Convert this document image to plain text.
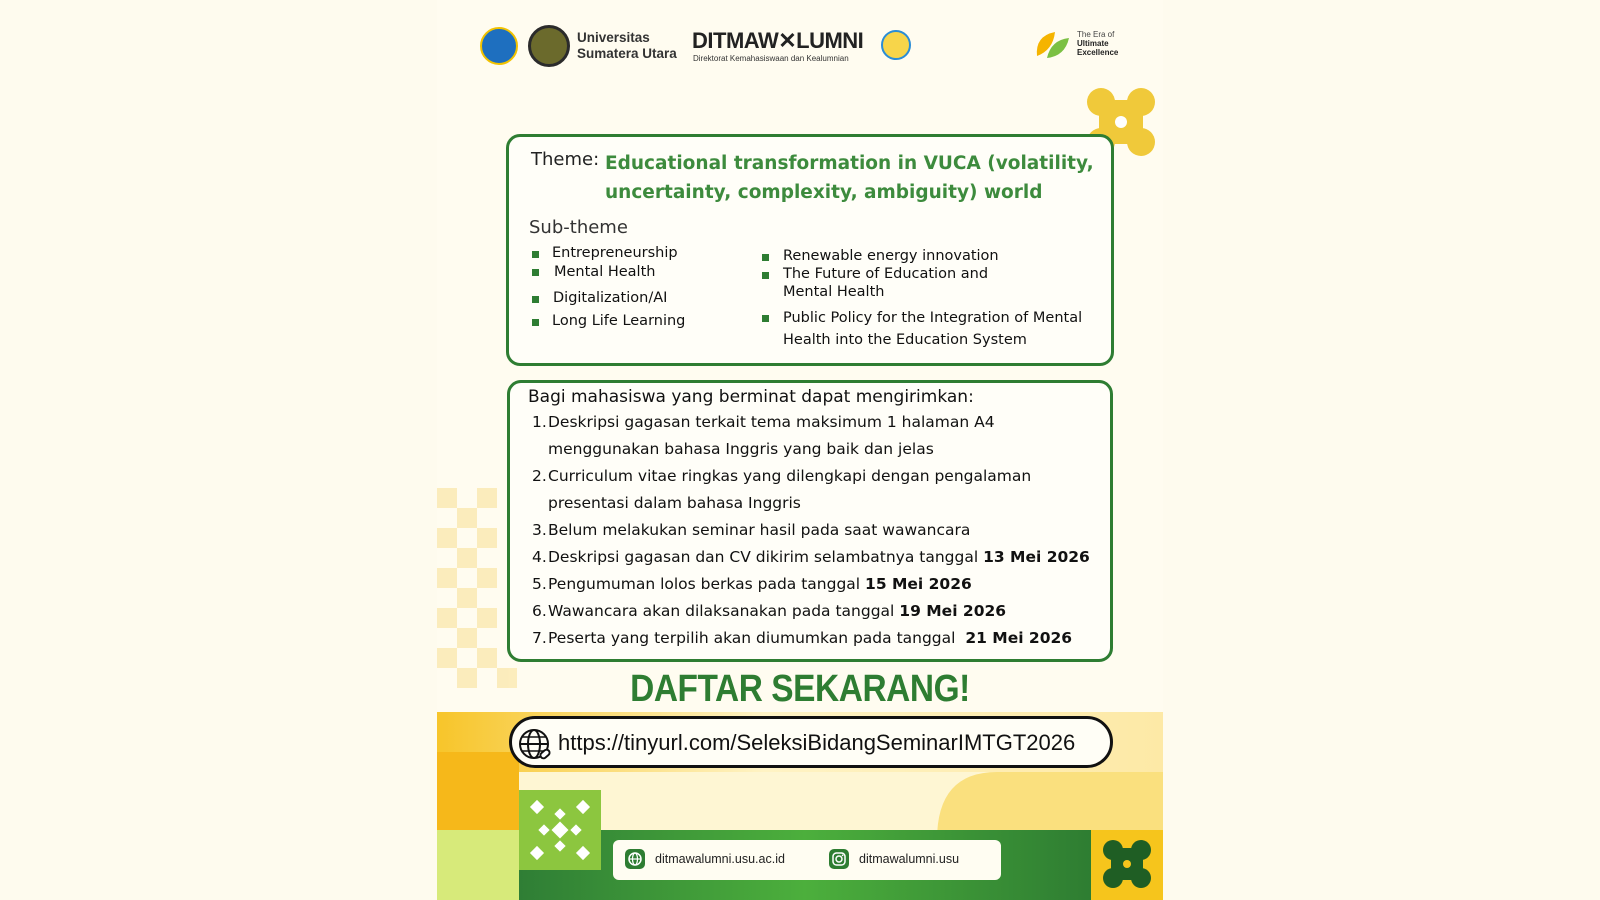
Universitas
Sumatera Utara
DITMAW✕LUMNI
Direktorat Kemahasiswaan dan Kealumnian
The Era of
Ultimate
Excellence
Theme: Educational transformation in VUCA (volatility, uncertainty, complexity, ambiguity) world
Sub-theme
Entrepreneurship
Mental Health
Digitalization/AI
Long Life Learning
Renewable energy innovation
The Future of Education and Mental Health
Public Policy for the Integration of Mental Health into the Education System
Bagi mahasiswa yang berminat dapat mengirimkan:
1. Deskripsi gagasan terkait tema maksimum 1 halaman A4 menggunakan bahasa Inggris yang baik dan jelas
2. Curriculum vitae ringkas yang dilengkapi dengan pengalaman presentasi dalam bahasa Inggris
3. Belum melakukan seminar hasil pada saat wawancara
4. Deskripsi gagasan dan CV dikirim selambatnya tanggal 13 Mei 2026
5. Pengumuman lolos berkas pada tanggal 15 Mei 2026
6. Wawancara akan dilaksanakan pada tanggal 19 Mei 2026
7. Peserta yang terpilih akan diumumkan pada tanggal  21 Mei 2026
DAFTAR SEKARANG!
https://tinyurl.com/SeleksiBidangSeminarIMTGT2026
ditmawalumni.usu.ac.id	ditmawalumni.usu
